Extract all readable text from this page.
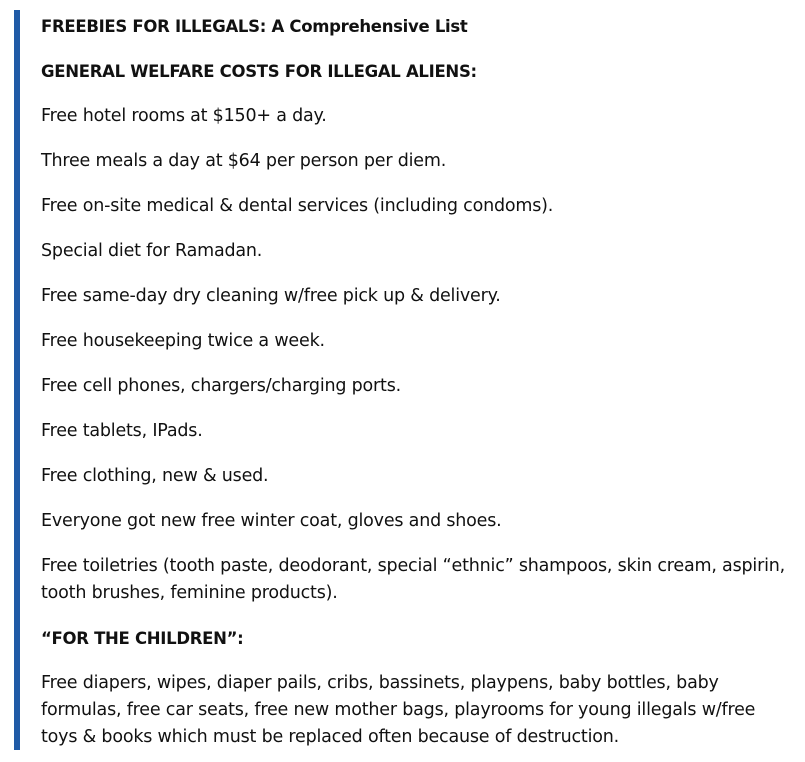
FREEBIES FOR ILLEGALS: A Comprehensive List
GENERAL WELFARE COSTS FOR ILLEGAL ALIENS:
Free hotel rooms at $150+ a day.
Three meals a day at $64 per person per diem.
Free on-site medical & dental services (including condoms).
Special diet for Ramadan.
Free same-day dry cleaning w/free pick up & delivery.
Free housekeeping twice a week.
Free cell phones, chargers/charging ports.
Free tablets, IPads.
Free clothing, new & used.
Everyone got new free winter coat, gloves and shoes.
Free toiletries (tooth paste, deodorant, special “ethnic” shampoos, skin cream, aspirin, tooth brushes, feminine products).
“FOR THE CHILDREN”:
Free diapers, wipes, diaper pails, cribs, bassinets, playpens, baby bottles, baby formulas, free car seats, free new mother bags, playrooms for young illegals w/free toys & books which must be replaced often because of destruction.
